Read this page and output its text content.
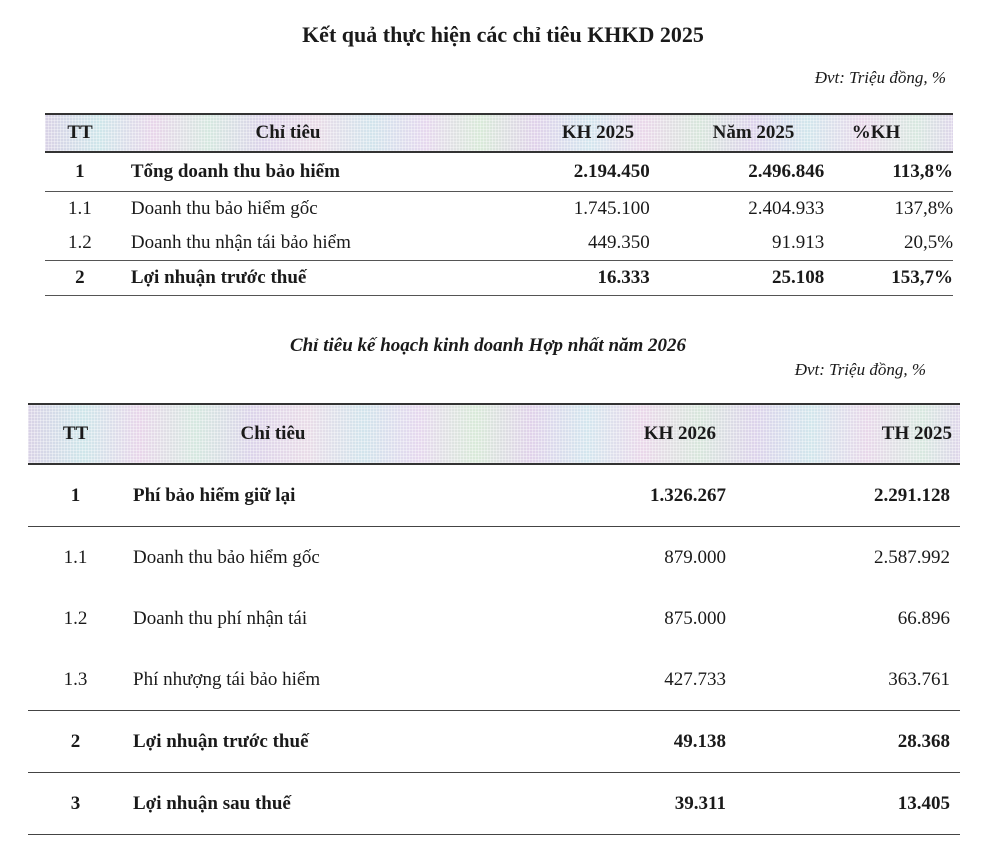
Kết quả thực hiện các chỉ tiêu KHKD 2025
Đvt: Triệu đồng, %
TT	Chỉ tiêu	KH 2025	Năm 2025	%KH
1	Tổng doanh thu bảo hiểm	2.194.450	2.496.846	113,8%
1.1	Doanh thu bảo hiểm gốc	1.745.100	2.404.933	137,8%
1.2	Doanh thu nhận tái bảo hiểm	449.350	91.913	20,5%
2	Lợi nhuận trước thuế	16.333	25.108	153,7%
Chỉ tiêu kế hoạch kinh doanh Hợp nhất năm 2026
Đvt: Triệu đồng, %
TT	Chỉ tiêu	KH 2026	TH 2025
1	Phí bảo hiểm giữ lại	1.326.267	2.291.128
1.1	Doanh thu bảo hiểm gốc	879.000	2.587.992
1.2	Doanh thu phí nhận tái	875.000	66.896
1.3	Phí nhượng tái bảo hiểm	427.733	363.761
2	Lợi nhuận trước thuế	49.138	28.368
3	Lợi nhuận sau thuế	39.311	13.405
